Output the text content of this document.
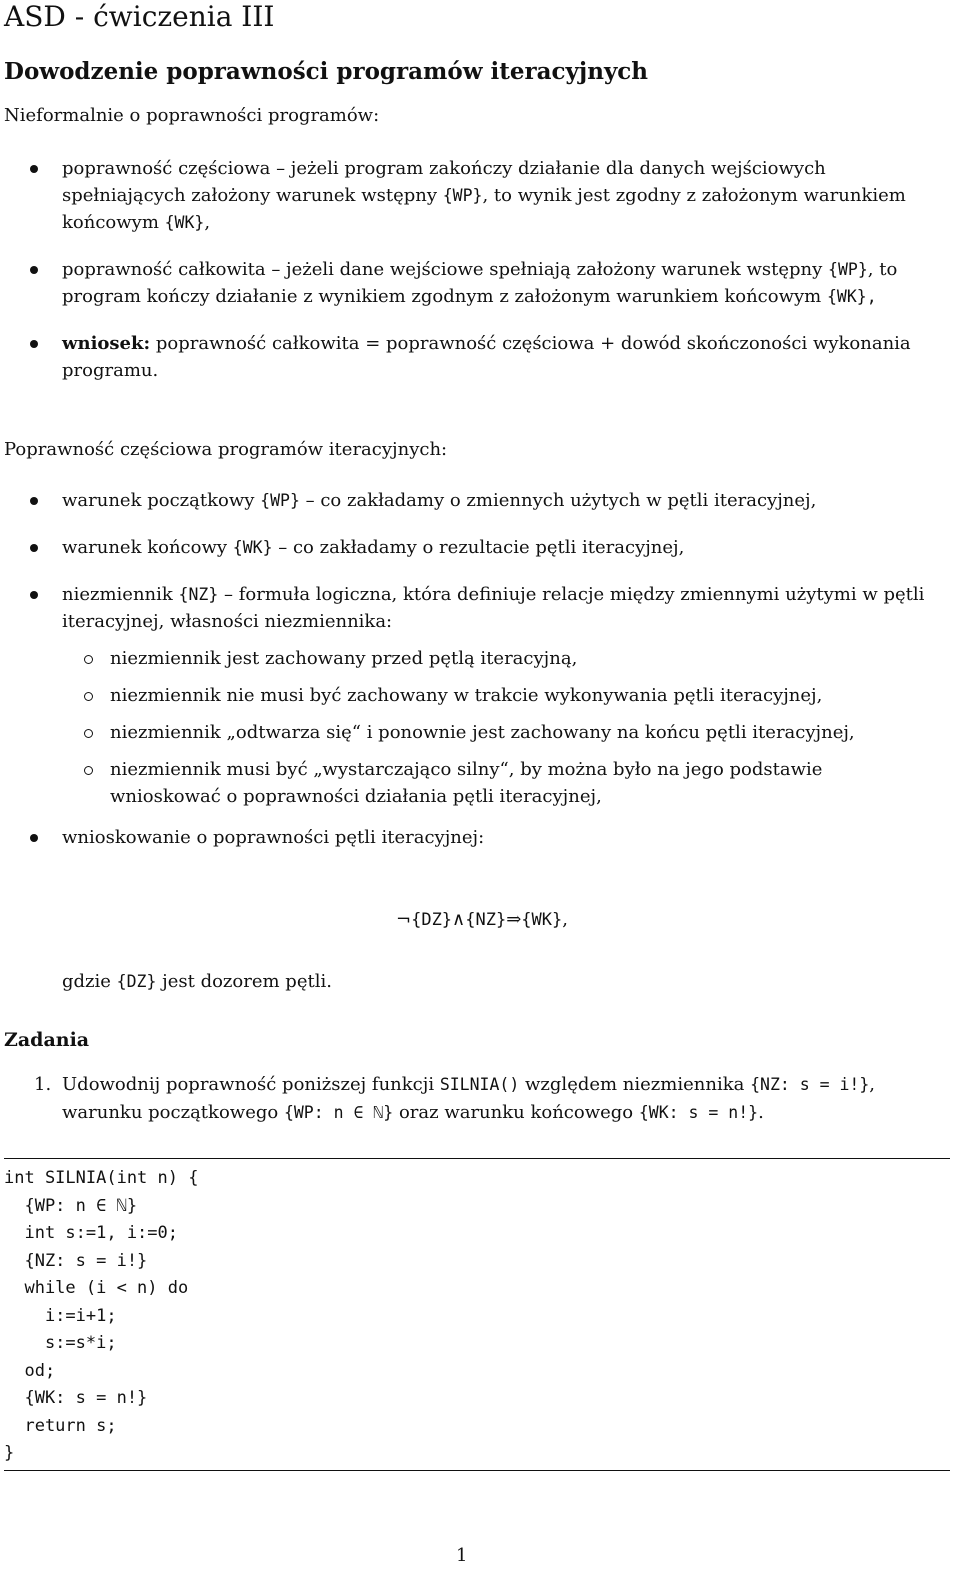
ASD - ćwiczenia III
Dowodzenie poprawności programów iteracyjnych

Nieformalnie o poprawności programów:

poprawność częściowa – jeżeli program zakończy działanie dla danych wejściowych spełniających założony warunek wstępny {WP}, to wynik jest zgodny z założonym warunkiem końcowym {WK},
poprawność całkowita – jeżeli dane wejściowe spełniają założony warunek wstępny {WP}, to program kończy działanie z wynikiem zgodnym z założonym warunkiem końcowym {WK},
wniosek: poprawność całkowita = poprawność częściowa + dowód skończoności wykonania programu.

Poprawność częściowa programów iteracyjnych:

warunek początkowy {WP} – co zakładamy o zmiennych użytych w pętli iteracyjnej,
warunek końcowy {WK} – co zakładamy o rezultacie pętli iteracyjnej,
niezmiennik {NZ} – formuła logiczna, która definiuje relacje między zmiennymi użytymi w pętli iteracyjnej, własności niezmiennika:
niezmiennik jest zachowany przed pętlą iteracyjną,
niezmiennik nie musi być zachowany w trakcie wykonywania pętli iteracyjnej,
niezmiennik „odtwarza się“ i ponownie jest zachowany na końcu pętli iteracyjnej,
niezmiennik musi być „wystarczająco silny“, by można było na jego podstawie wnioskować o poprawności działania pętli iteracyjnej,
wnioskowanie o poprawności pętli iteracyjnej:
¬{DZ}∧{NZ}⇒{WK},
gdzie {DZ} jest dozorem pętli.
Zadania
1. Udowodnij poprawność poniższej funkcji SILNIA() względem niezmiennika {NZ: s = i!}, warunku początkowego {WP: n ∈ ℕ} oraz warunku końcowego {WK: s = n!}.
int SILNIA(int n) {
{WP: n ∈ ℕ}
int s:=1, i:=0;
{NZ: s = i!}
while (i < n) do
i:=i+1;
s:=s*i;
od;
{WK: s = n!}
return s;
}
1
